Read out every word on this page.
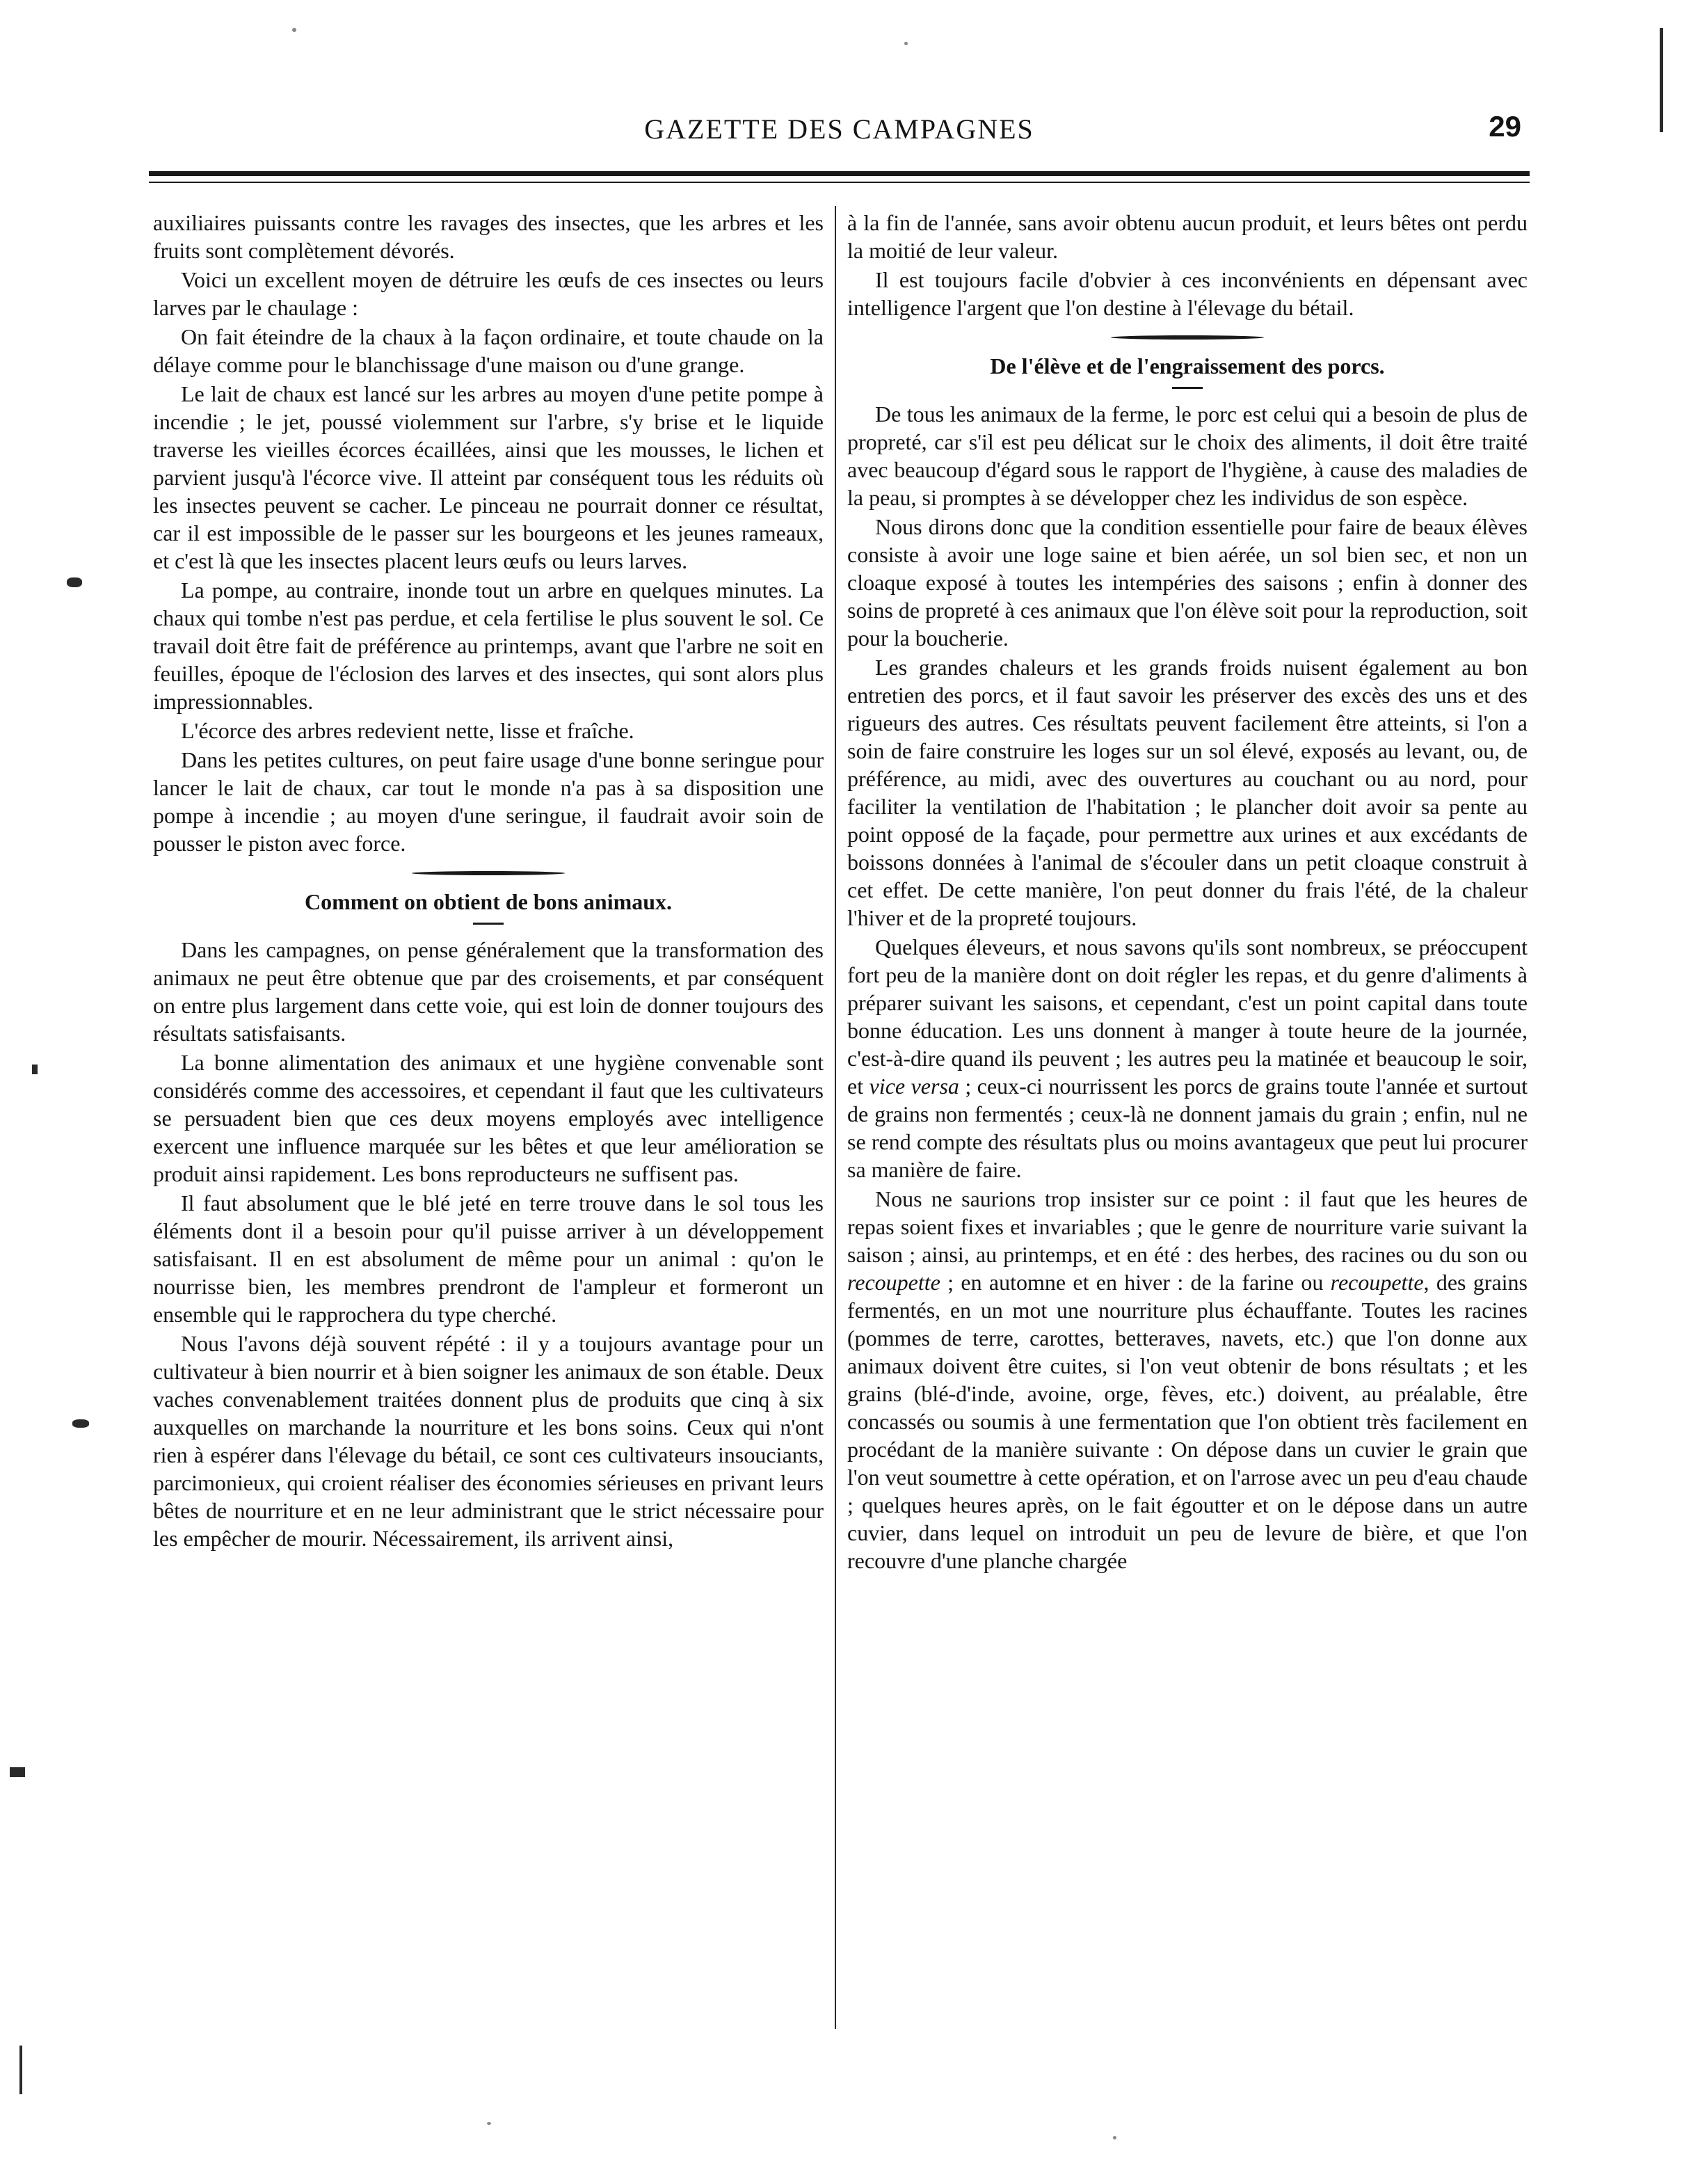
GAZETTE DES CAMPAGNES	29

auxiliaires puissants contre les ravages des insectes, que les arbres et les fruits sont complètement dévorés.

Voici un excellent moyen de détruire les œufs de ces insectes ou leurs larves par le chaulage :

On fait éteindre de la chaux à la façon ordinaire, et toute chaude on la délaye comme pour le blanchissage d'une maison ou d'une grange.

Le lait de chaux est lancé sur les arbres au moyen d'une petite pompe à incendie ; le jet, poussé violemment sur l'arbre, s'y brise et le liquide traverse les vieilles écorces écaillées, ainsi que les mousses, le lichen et parvient jusqu'à l'écorce vive. Il atteint par conséquent tous les réduits où les insectes peuvent se cacher. Le pinceau ne pourrait donner ce résultat, car il est impossible de le passer sur les bourgeons et les jeunes rameaux, et c'est là que les insectes placent leurs œufs ou leurs larves.

La pompe, au contraire, inonde tout un arbre en quelques minutes. La chaux qui tombe n'est pas perdue, et cela fertilise le plus souvent le sol. Ce travail doit être fait de préférence au printemps, avant que l'arbre ne soit en feuilles, époque de l'éclosion des larves et des insectes, qui sont alors plus impressionnables.

L'écorce des arbres redevient nette, lisse et fraîche.

Dans les petites cultures, on peut faire usage d'une bonne seringue pour lancer le lait de chaux, car tout le monde n'a pas à sa disposition une pompe à incendie ; au moyen d'une seringue, il faudrait avoir soin de pousser le piston avec force.

Comment on obtient de bons animaux.

Dans les campagnes, on pense généralement que la transformation des animaux ne peut être obtenue que par des croisements, et par conséquent on entre plus largement dans cette voie, qui est loin de donner toujours des résultats satisfaisants.

La bonne alimentation des animaux et une hygiène convenable sont considérés comme des accessoires, et cependant il faut que les cultivateurs se persuadent bien que ces deux moyens employés avec intelligence exercent une influence marquée sur les bêtes et que leur amélioration se produit ainsi rapidement. Les bons reproducteurs ne suffisent pas.

Il faut absolument que le blé jeté en terre trouve dans le sol tous les éléments dont il a besoin pour qu'il puisse arriver à un développement satisfaisant. Il en est absolument de même pour un animal : qu'on le nourrisse bien, les membres prendront de l'ampleur et formeront un ensemble qui le rapprochera du type cherché.

Nous l'avons déjà souvent répété : il y a toujours avantage pour un cultivateur à bien nourrir et à bien soigner les animaux de son étable. Deux vaches convenablement traitées donnent plus de produits que cinq à six auxquelles on marchande la nourriture et les bons soins. Ceux qui n'ont rien à espérer dans l'élevage du bétail, ce sont ces cultivateurs insouciants, parcimonieux, qui croient réaliser des économies sérieuses en privant leurs bêtes de nourriture et en ne leur administrant que le strict nécessaire pour les empêcher de mourir. Nécessairement, ils arrivent ainsi,

à la fin de l'année, sans avoir obtenu aucun produit, et leurs bêtes ont perdu la moitié de leur valeur.

Il est toujours facile d'obvier à ces inconvénients en dépensant avec intelligence l'argent que l'on destine à l'élevage du bétail.

De l'élève et de l'engraissement des porcs.

De tous les animaux de la ferme, le porc est celui qui a besoin de plus de propreté, car s'il est peu délicat sur le choix des aliments, il doit être traité avec beaucoup d'égard sous le rapport de l'hygiène, à cause des maladies de la peau, si promptes à se développer chez les individus de son espèce.

Nous dirons donc que la condition essentielle pour faire de beaux élèves consiste à avoir une loge saine et bien aérée, un sol bien sec, et non un cloaque exposé à toutes les intempéries des saisons ; enfin à donner des soins de propreté à ces animaux que l'on élève soit pour la reproduction, soit pour la boucherie.

Les grandes chaleurs et les grands froids nuisent également au bon entretien des porcs, et il faut savoir les préserver des excès des uns et des rigueurs des autres. Ces résultats peuvent facilement être atteints, si l'on a soin de faire construire les loges sur un sol élevé, exposés au levant, ou, de préférence, au midi, avec des ouvertures au couchant ou au nord, pour faciliter la ventilation de l'habitation ; le plancher doit avoir sa pente au point opposé de la façade, pour permettre aux urines et aux excédants de boissons données à l'animal de s'écouler dans un petit cloaque construit à cet effet. De cette manière, l'on peut donner du frais l'été, de la chaleur l'hiver et de la propreté toujours.

Quelques éleveurs, et nous savons qu'ils sont nombreux, se préoccupent fort peu de la manière dont on doit régler les repas, et du genre d'aliments à préparer suivant les saisons, et cependant, c'est un point capital dans toute bonne éducation. Les uns donnent à manger à toute heure de la journée, c'est-à-dire quand ils peuvent ; les autres peu la matinée et beaucoup le soir, et vice versa ; ceux-ci nourrissent les porcs de grains toute l'année et surtout de grains non fermentés ; ceux-là ne donnent jamais du grain ; enfin, nul ne se rend compte des résultats plus ou moins avantageux que peut lui procurer sa manière de faire.

Nous ne saurions trop insister sur ce point : il faut que les heures de repas soient fixes et invariables ; que le genre de nourriture varie suivant la saison ; ainsi, au printemps, et en été : des herbes, des racines ou du son ou recoupette ; en automne et en hiver : de la farine ou recoupette, des grains fermentés, en un mot une nourriture plus échauffante. Toutes les racines (pommes de terre, carottes, betteraves, navets, etc.) que l'on donne aux animaux doivent être cuites, si l'on veut obtenir de bons résultats ; et les grains (blé-d'inde, avoine, orge, fèves, etc.) doivent, au préalable, être concassés ou soumis à une fermentation que l'on obtient très facilement en procédant de la manière suivante : On dépose dans un cuvier le grain que l'on veut soumettre à cette opération, et on l'arrose avec un peu d'eau chaude ; quelques heures après, on le fait égoutter et on le dépose dans un autre cuvier, dans lequel on introduit un peu de levure de bière, et que l'on recouvre d'une planche chargée
